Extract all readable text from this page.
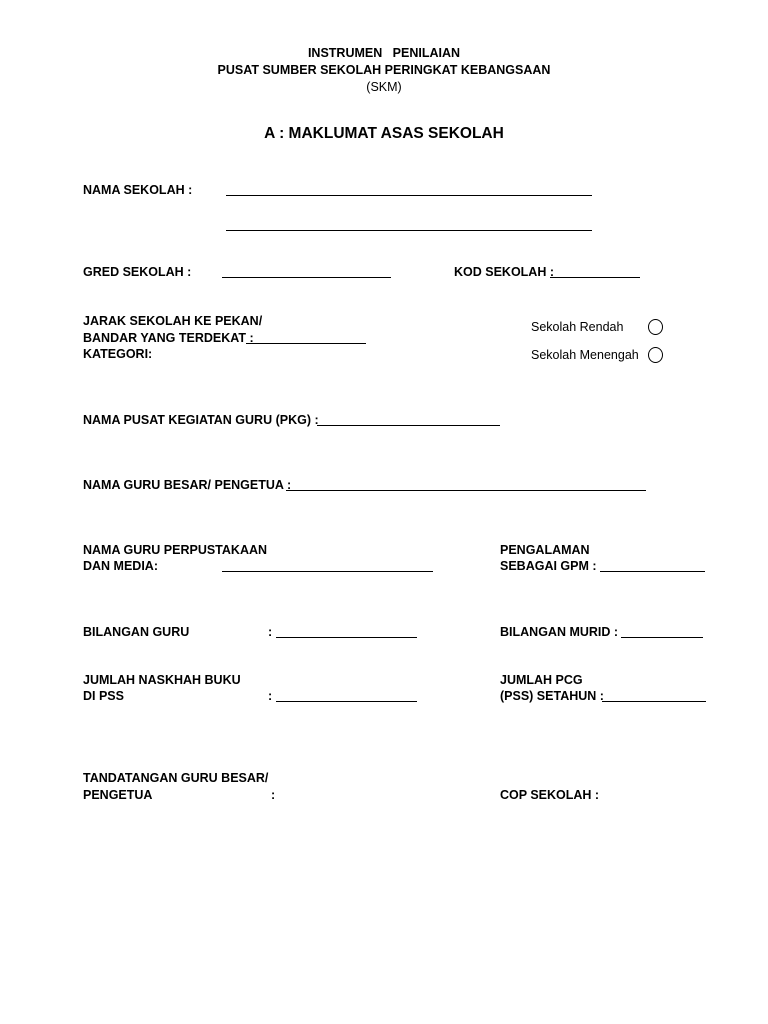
INSTRUMEN   PENILAIAN
PUSAT SUMBER SEKOLAH PERINGKAT KEBANGSAAN
(SKM)
A : MAKLUMAT ASAS SEKOLAH
NAMA SEKOLAH :
GRED SEKOLAH :	KOD SEKOLAH :
JARAK SEKOLAH KE PEKAN/
BANDAR YANG TERDEKAT :
KATEGORI:
Sekolah Rendah
Sekolah Menengah
NAMA PUSAT KEGIATAN GURU (PKG) :
NAMA GURU BESAR/ PENGETUA :
NAMA GURU PERPUSTAKAAN
DAN MEDIA:
PENGALAMAN
SEBAGAI GPM :
BILANGAN GURU	:	BILANGAN MURID :
JUMLAH NASKHAH BUKU
DI PSS	:
JUMLAH PCG
(PSS) SETAHUN :
TANDATANGAN GURU BESAR/
PENGETUA	:	COP SEKOLAH :
